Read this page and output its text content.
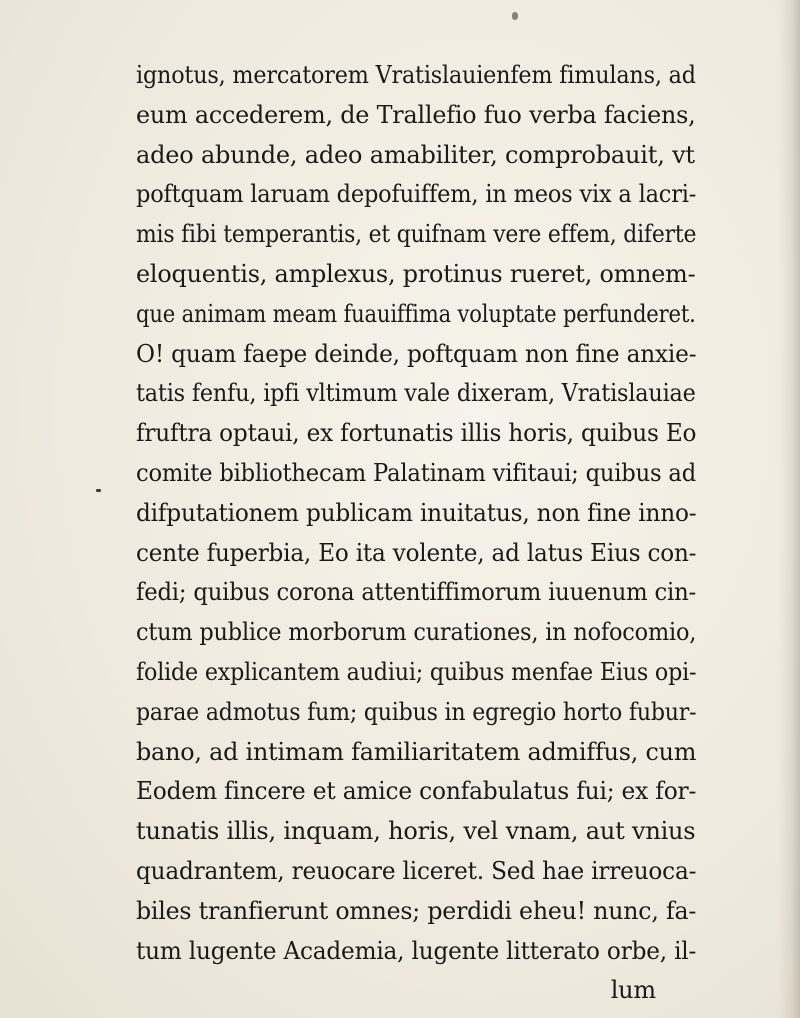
ignotus, mercatorem Vratislauienfem fimulans, ad
eum accederem, de Trallefio fuo verba faciens,
adeo abunde, adeo amabiliter, comprobauit, vt
poftquam laruam depofuiffem, in meos vix a lacri-
mis fibi temperantis, et quifnam vere effem, diferte
eloquentis, amplexus, protinus rueret, omnem-
que animam meam fuauiffima voluptate perfunderet.
O! quam faepe deinde, poftquam non fine anxie-
tatis fenfu, ipfi vltimum vale dixeram, Vratislauiae
fruftra optaui, ex fortunatis illis horis, quibus Eo
comite bibliothecam Palatinam vifitaui; quibus ad
difputationem publicam inuitatus, non fine inno-
cente fuperbia, Eo ita volente, ad latus Eius con-
fedi; quibus corona attentiffimorum iuuenum cin-
ctum publice morborum curationes, in nofocomio,
folide explicantem audiui; quibus menfae Eius opi-
parae admotus fum; quibus in egregio horto fubur-
bano, ad intimam familiaritatem admiffus, cum
Eodem fincere et amice confabulatus fui; ex for-
tunatis illis, inquam, horis, vel vnam, aut vnius
quadrantem, reuocare liceret. Sed hae irreuoca-
biles tranfierunt omnes; perdidi eheu! nunc, fa-
tum lugente Academia, lugente litterato orbe, il-
lum
